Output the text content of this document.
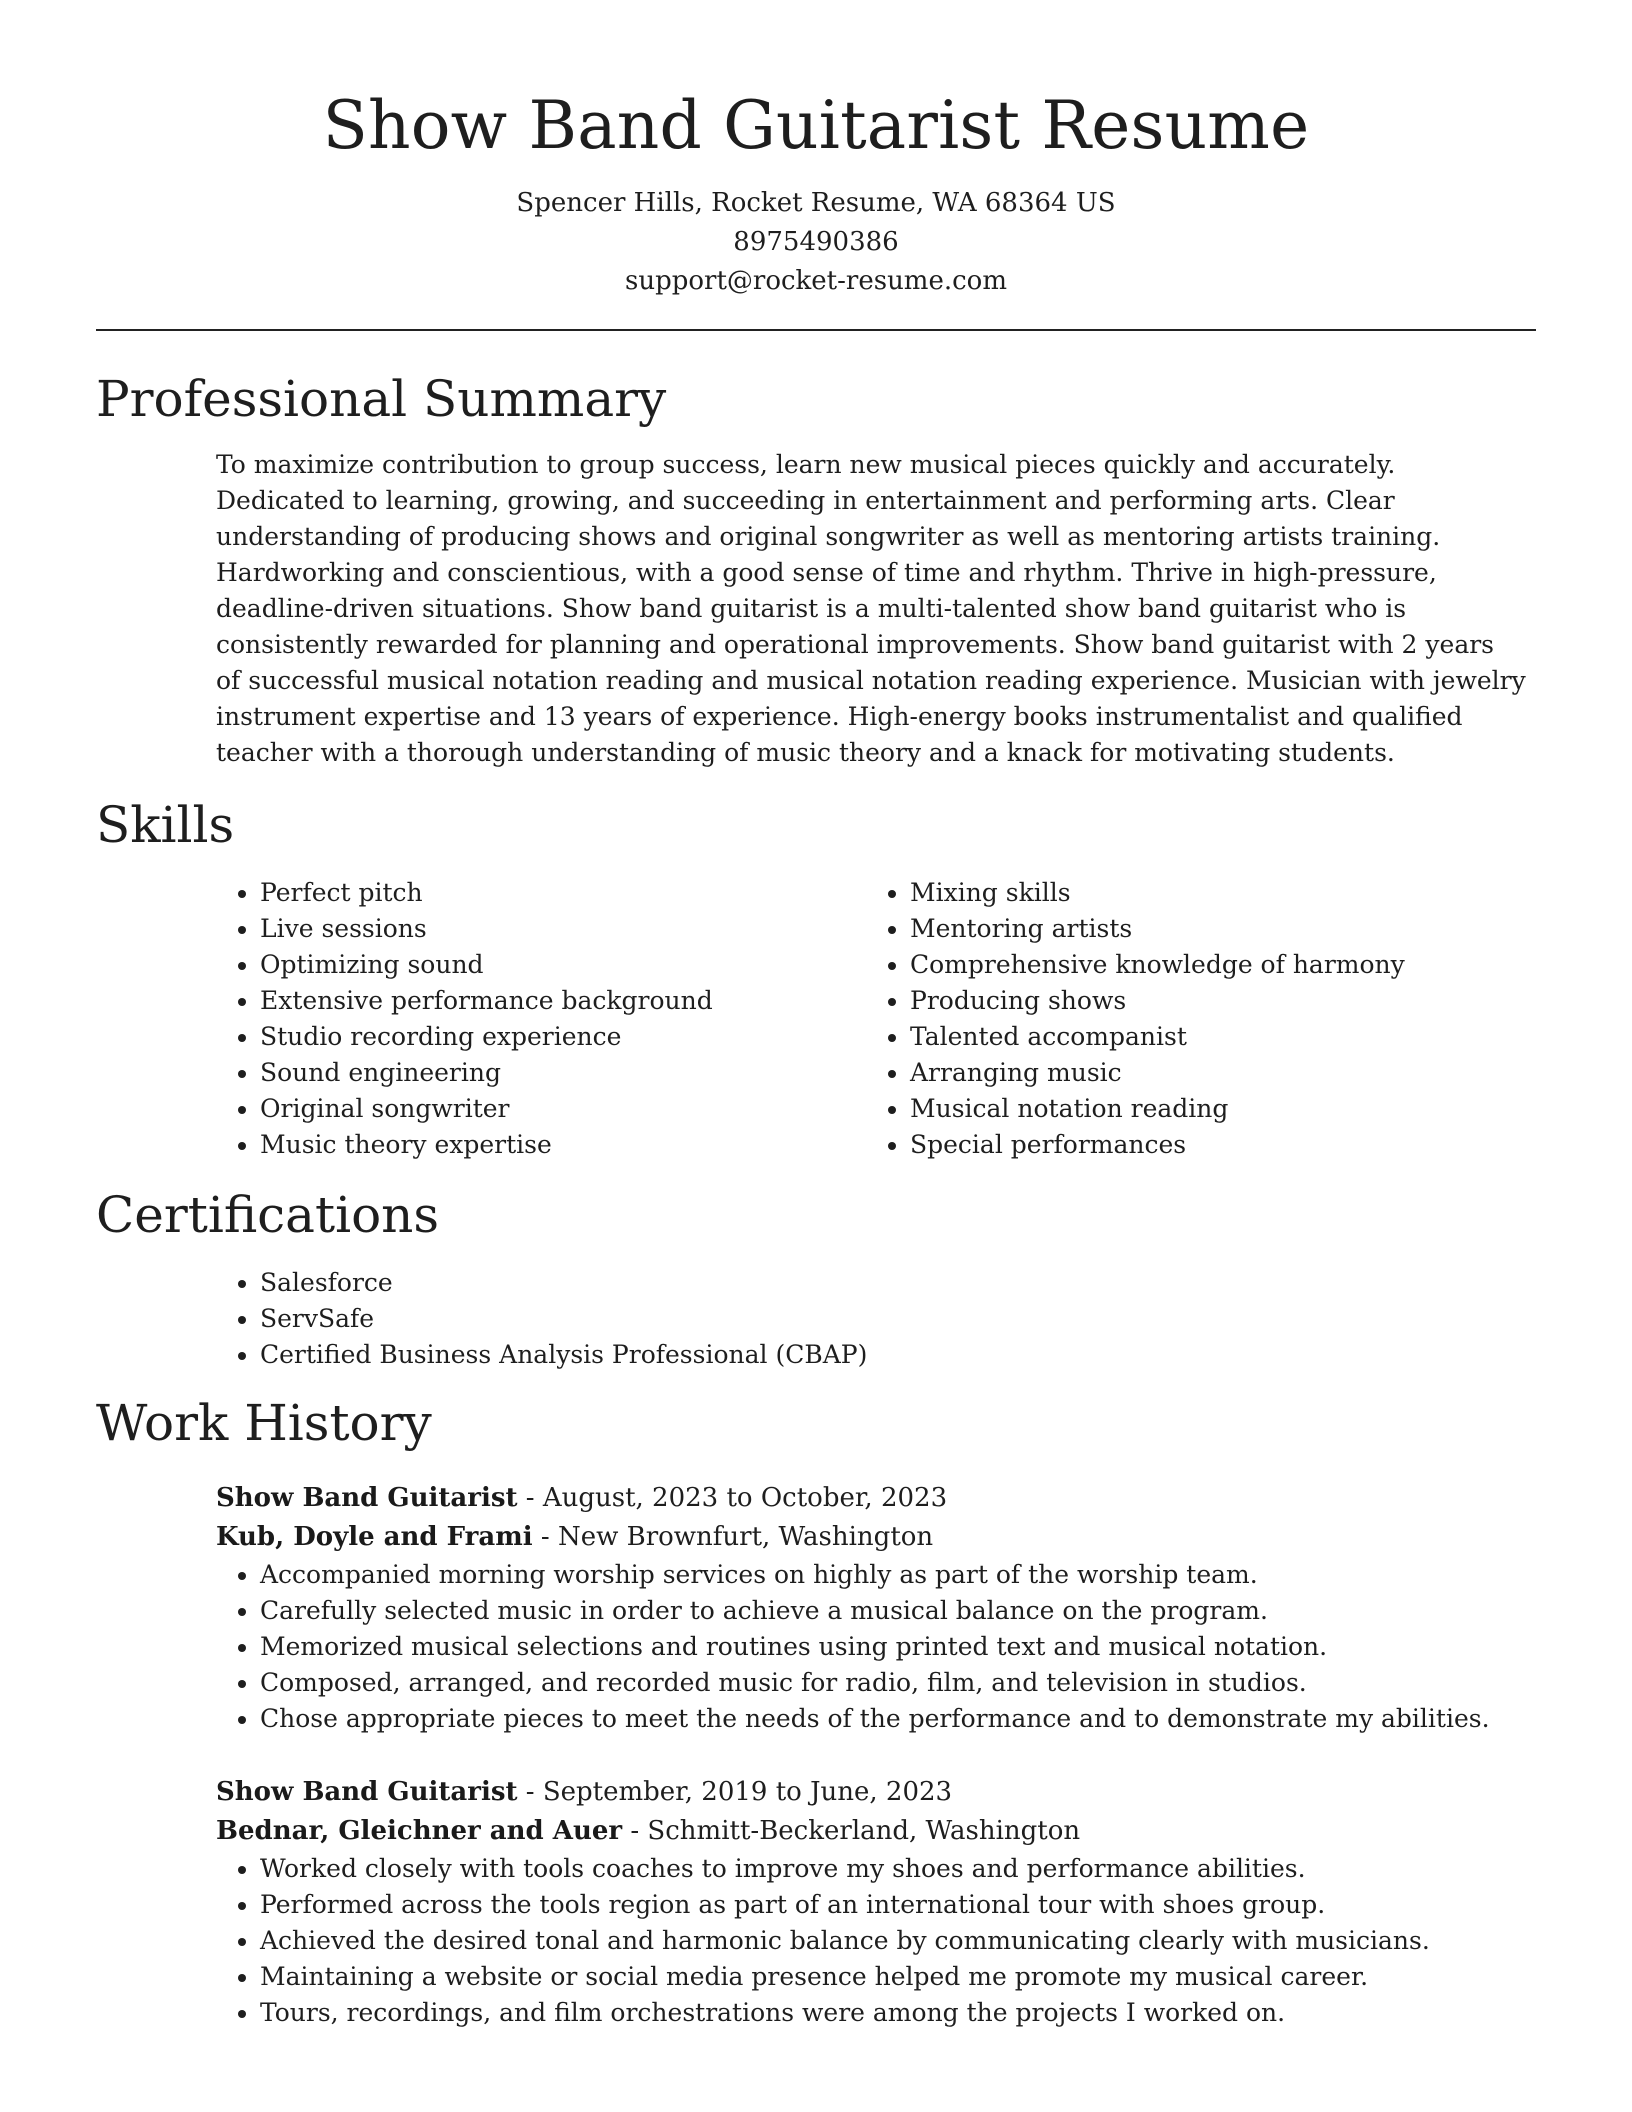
Show Band Guitarist Resume
Spencer Hills, Rocket Resume, WA 68364 US
8975490386
support@rocket-resume.com
Professional Summary

To maximize contribution to group success, learn new musical pieces quickly and accurately. Dedicated to learning, growing, and succeeding in entertainment and performing arts. Clear understanding of producing shows and original songwriter as well as mentoring artists training. Hardworking and conscientious, with a good sense of time and rhythm. Thrive in high-pressure, deadline-driven situations. Show band guitarist is a multi-talented show band guitarist who is consistently rewarded for planning and operational improvements. Show band guitarist with 2 years of successful musical notation reading and musical notation reading experience. Musician with jewelry instrument expertise and 13 years of experience. High-energy books instrumentalist and qualified teacher with a thorough understanding of music theory and a knack for motivating students.

Skills
• Perfect pitch
• Live sessions
• Optimizing sound
• Extensive performance background
• Studio recording experience
• Sound engineering
• Original songwriter
• Music theory expertise
• Mixing skills
• Mentoring artists
• Comprehensive knowledge of harmony
• Producing shows
• Talented accompanist
• Arranging music
• Musical notation reading
• Special performances
Certifications
• Salesforce
• ServSafe
• Certified Business Analysis Professional (CBAP)
Work History
Show Band Guitarist - August, 2023 to October, 2023
Kub, Doyle and Frami - New Brownfurt, Washington
• Accompanied morning worship services on highly as part of the worship team.
• Carefully selected music in order to achieve a musical balance on the program.
• Memorized musical selections and routines using printed text and musical notation.
• Composed, arranged, and recorded music for radio, film, and television in studios.
• Chose appropriate pieces to meet the needs of the performance and to demonstrate my abilities.
Show Band Guitarist - September, 2019 to June, 2023
Bednar, Gleichner and Auer - Schmitt-Beckerland, Washington
• Worked closely with tools coaches to improve my shoes and performance abilities.
• Performed across the tools region as part of an international tour with shoes group.
• Achieved the desired tonal and harmonic balance by communicating clearly with musicians.
• Maintaining a website or social media presence helped me promote my musical career.
• Tours, recordings, and film orchestrations were among the projects I worked on.
